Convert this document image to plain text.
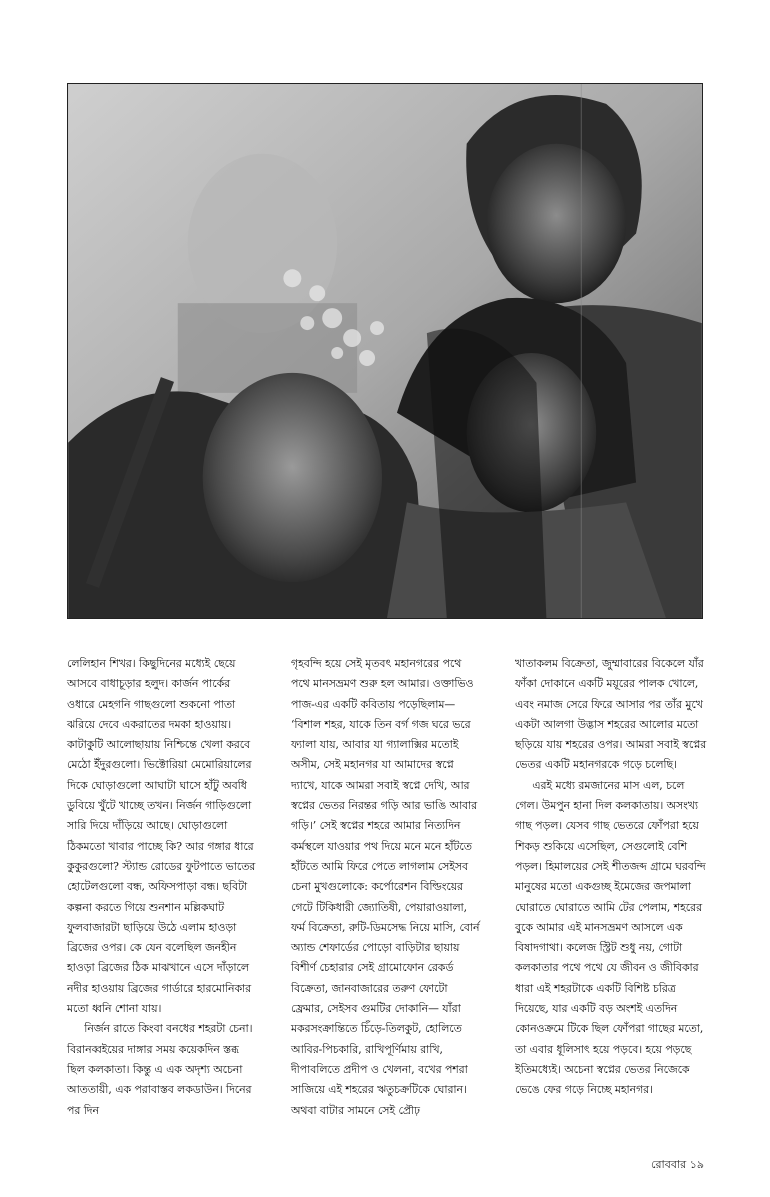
লেলিহান শিখর। কিছুদিনের মধ্যেই ছেয়ে আসবে বাধাচূড়ার হলুদ। কার্জন পার্কের ওধারে মেহগনি গাছগুলো শুকনো পাতা ঝরিয়ে দেবে একরাতের দমকা হাওয়ায়। কাটাকুটি আলোছায়ায় নিশ্চিন্তে খেলা করবে মেঠো ইঁদুরগুলো। ভিক্টোরিয়া মেমোরিয়ালের দিকে ঘোড়াগুলো আঘাটা ঘাসে হাঁটু অবধি ডুবিয়ে খুঁটে খাচ্ছে তখন। নির্জন গাড়িগুলো সারি দিয়ে দাঁড়িয়ে আছে। ঘোড়াগুলো ঠিকমতো খাবার পাচ্ছে কি? আর গঙ্গার ধারে কুকুরগুলো? স্ট্যান্ড রোডের ফুটপাতে ভাতের হোটেলগুলো বন্ধ, অফিসপাড়া বন্ধ। ছবিটা কল্পনা করতে গিয়ে শুনশান মল্লিকঘাট ফুলবাজারটা ছাড়িয়ে উঠে এলাম হাওড়া ব্রিজের ওপর। কে যেন বলেছিল জনহীন হাওড়া ব্রিজের ঠিক মাঝখানে এসে দাঁড়ালে নদীর হাওয়ায় ব্রিজের গার্ডারে হারমোনিকার মতো ধ্বনি শোনা যায়।

নির্জন রাতে কিংবা বনধের শহরটা চেনা। বিরানব্বইয়ের দাঙ্গার সময় কয়েকদিন স্তব্ধ ছিল কলকাতা। কিন্তু এ এক অদৃশ্য অচেনা আততায়ী, এক পরাবাস্তব লকডাউন। দিনের পর দিন

গৃহবন্দি হয়ে সেই মৃতবৎ মহানগরের পথে পথে মানসভ্রমণ শুরু হল আমার। ওক্তাভিও পাজ-এর একটি কবিতায় পড়েছিলাম— ‘বিশাল শহর, যাকে তিন বর্গ গজ ঘরে ভরে ফ্যালা যায়, আবার যা গ্যালাক্সির মতোই অসীম, সেই মহানগর যা আমাদের স্বপ্নে দ্যাখে, যাকে আমরা সবাই স্বপ্নে দেখি, আর স্বপ্নের ভেতর নিরন্তর গড়ি আর ভাঙি আবার গড়ি।’ সেই স্বপ্নের শহরে আমার নিত্যদিন কর্মস্থলে যাওয়ার পথ দিয়ে মনে মনে হাঁটতে হাঁটতে আমি ফিরে পেতে লাগলাম সেইসব চেনা মুখগুলোকে: কর্পোরেশন বিল্ডিংয়ের গেটে টিকিধারী জ্যোতিষী, পেয়ারাওয়ালা, ফর্ম বিক্রেতা, রুটি-ডিমসেদ্ধ নিয়ে মাসি, বোর্ন অ্যান্ড শেফার্ডের পোড়ো বাড়িটার ছায়ায় বিশীর্ণ চেহারার সেই গ্রামোফোন রেকর্ড বিক্রেতা, জানবাজারের তরুণ ফোটো ফ্রেমার, সেইসব গুমটির দোকানি— যাঁরা মকরসংক্রান্তিতে চিঁড়ে-তিলকুট, হোলিতে আবির-পিচকারি, রাখিপূর্ণিমায় রাখি, দীপাবলিতে প্রদীপ ও খেলনা, বখের পশরা সাজিয়ে এই শহরের ঋতুচক্রটিকে ঘোরান। অথবা বাটার সামনে সেই প্রৌঢ়

খাতাকলম বিক্রেতা, জুম্মাবারের বিকেলে যাঁর ফাঁকা দোকানে একটি ময়ূরের পালক খোলে, এবং নমাজ সেরে ফিরে আসার পর তাঁর মুখে একটা আলগা উদ্ভাস শহরের আলোর মতো ছড়িয়ে যায় শহরের ওপর। আমরা সবাই স্বপ্নের ভেতর একটি মহানগরকে গড়ে চলেছি।

এরই মধ্যে রমজানের মাস এল, চলে গেল। উমপুন হানা দিল কলকাতায়। অসংখ্য গাছ পড়ল। যেসব গাছ ভেতরে ফোঁপরা হয়ে শিকড় শুকিয়ে এসেছিল, সেগুলোই বেশি পড়ল। হিমালয়ের সেই শীতজব্দ গ্রামে ঘরবন্দি মানুষের মতো একগুচ্ছ ইমেজের জপমালা ঘোরাতে ঘোরাতে আমি টের পেলাম, শহরের বুকে আমার এই মানসভ্রমণ আসলে এক বিষাদগাথা। কলেজ স্ট্রিট শুধু নয়, গোটা কলকাতার পথে পথে যে জীবন ও জীবিকার ধারা এই শহরটাকে একটি বিশিষ্ট চরিত্র দিয়েছে, যার একটি বড় অংশই এতদিন কোনওক্রমে টিকে ছিল ফোঁপরা গাছের মতো, তা এবার ধূলিসাৎ হয়ে পড়বে। হয়ে পড়ছে ইতিমধ্যেই। অচেনা স্বপ্নের ভেতর নিজেকে ভেঙে ফের গড়ে নিচ্ছে মহানগর।

রোববার ১৯
